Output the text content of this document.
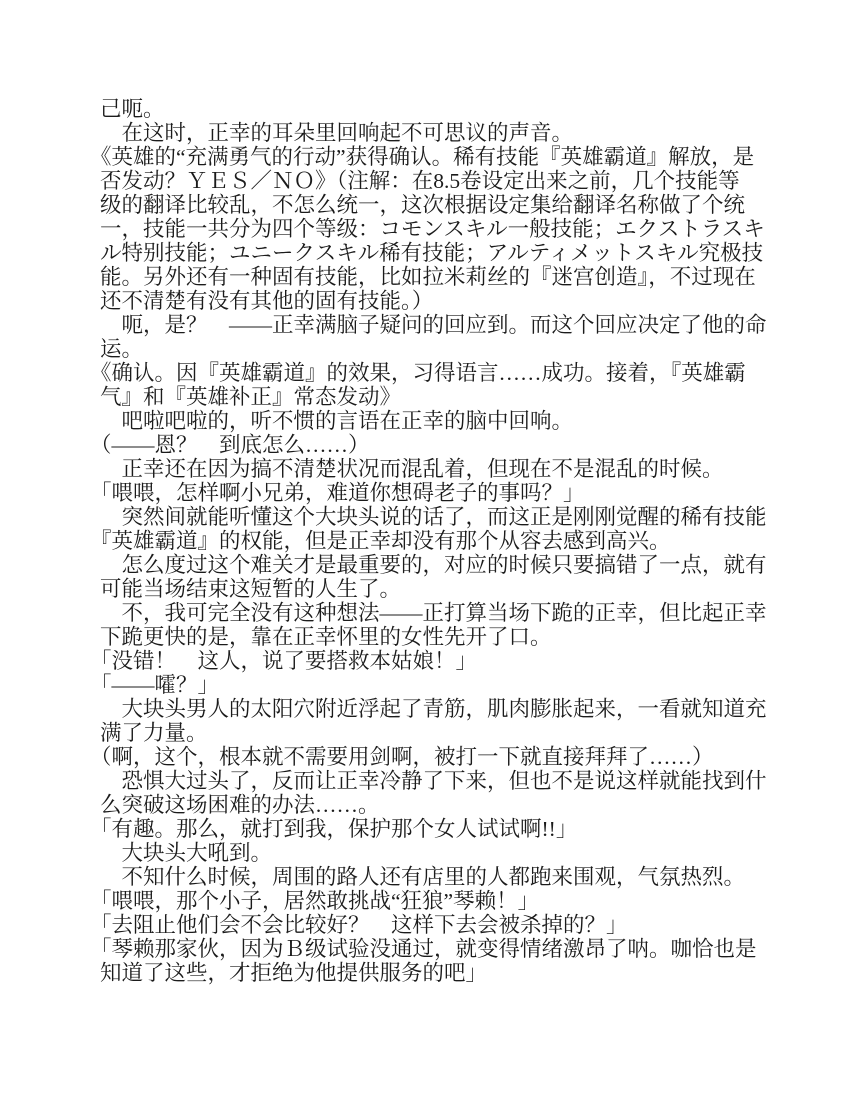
己呃。
　在这时，正幸的耳朵里回响起不可思议的声音。
《英雄的“充满勇气的行动”获得确认。稀有技能『英雄霸道』解放，是
否发动？ＹＥＳ／ＮＯ》（注解：在8.5卷设定出来之前，几个技能等
级的翻译比较乱，不怎么统一，这次根据设定集给翻译名称做了个统
一，技能一共分为四个等级：コモンスキル一般技能；エクストラスキ
ル特别技能；ユニークスキル稀有技能；アルティメットスキル究极技
能。另外还有一种固有技能，比如拉米莉丝的『迷宫创造』，不过现在
还不清楚有没有其他的固有技能。）
　呃，是？　——正幸满脑子疑问的回应到。而这个回应决定了他的命
运。
《确认。因『英雄霸道』的效果，习得语言……成功。接着，『英雄霸
气』和『英雄补正』常态发动》
　吧啦吧啦的，听不惯的言语在正幸的脑中回响。
（——恩？　到底怎么……）
　正幸还在因为搞不清楚状况而混乱着，但现在不是混乱的时候。
「喂喂，怎样啊小兄弟，难道你想碍老子的事吗？」
　突然间就能听懂这个大块头说的话了，而这正是刚刚觉醒的稀有技能
『英雄霸道』的权能，但是正幸却没有那个从容去感到高兴。
　怎么度过这个难关才是最重要的，对应的时候只要搞错了一点，就有
可能当场结束这短暂的人生了。
　不，我可完全没有这种想法——正打算当场下跪的正幸，但比起正幸
下跪更快的是，靠在正幸怀里的女性先开了口。
「没错！　这人，说了要搭救本姑娘！」
「——嚯？」
　大块头男人的太阳穴附近浮起了青筋，肌肉膨胀起来，一看就知道充
满了力量。
（啊，这个，根本就不需要用剑啊，被打一下就直接拜拜了……）
　恐惧大过头了，反而让正幸冷静了下来，但也不是说这样就能找到什
么突破这场困难的办法……。
「有趣。那么，就打到我，保护那个女人试试啊!!」
　大块头大吼到。
　不知什么时候，周围的路人还有店里的人都跑来围观，气氛热烈。
「喂喂，那个小子，居然敢挑战“狂狼”琴赖！」
「去阻止他们会不会比较好？　这样下去会被杀掉的？」
「琴赖那家伙，因为Ｂ级试验没通过，就变得情绪激昂了呐。咖恰也是
知道了这些，才拒绝为他提供服务的吧」
